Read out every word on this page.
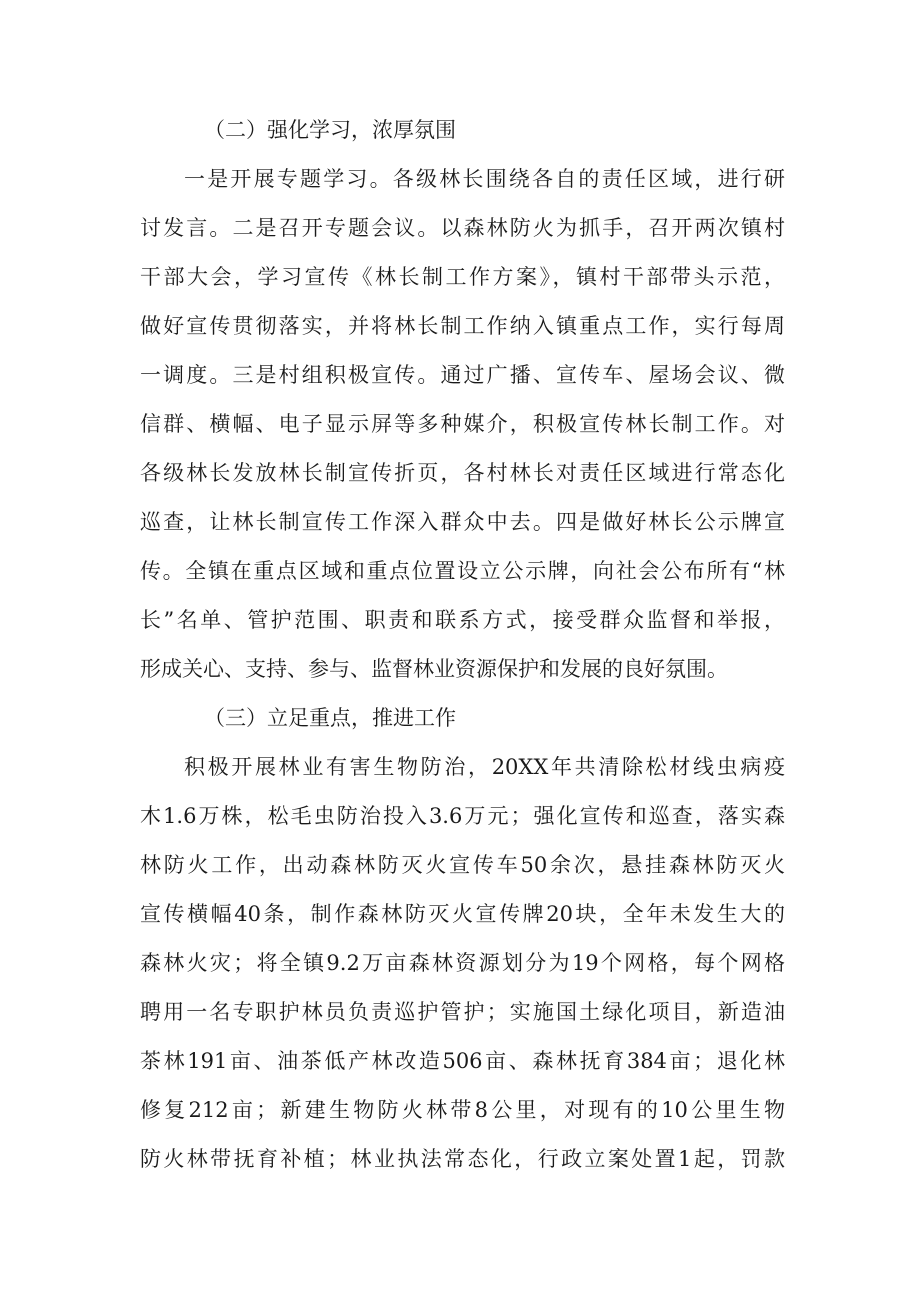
（二）强化学习，浓厚氛围
一是开展专题学习。各级林长围绕各自的责任区域，进行研
讨发言。二是召开专题会议。以森林防火为抓手，召开两次镇村
干部大会，学习宣传《林长制工作方案》，镇村干部带头示范，
做好宣传贯彻落实，并将林长制工作纳入镇重点工作，实行每周
一调度。三是村组积极宣传。通过广播、宣传车、屋场会议、微
信群、横幅、电子显示屏等多种媒介，积极宣传林长制工作。对
各级林长发放林长制宣传折页，各村林长对责任区域进行常态化
巡查，让林长制宣传工作深入群众中去。四是做好林长公示牌宣
传。全镇在重点区域和重点位置设立公示牌，向社会公布所有“林
长”名单、管护范围、职责和联系方式，接受群众监督和举报，
形成关心、支持、参与、监督林业资源保护和发展的良好氛围。
（三）立足重点，推进工作
积极开展林业有害生物防治，20XX年共清除松材线虫病疫
木1.6万株，松毛虫防治投入3.6万元；强化宣传和巡查，落实森
林防火工作，出动森林防灭火宣传车50余次，悬挂森林防灭火
宣传横幅40条，制作森林防灭火宣传牌20块，全年未发生大的
森林火灾；将全镇9.2万亩森林资源划分为19个网格，每个网格
聘用一名专职护林员负责巡护管护；实施国土绿化项目，新造油
茶林191亩、油茶低产林改造506亩、森林抚育384亩；退化林
修复212亩；新建生物防火林带8公里，对现有的10公里生物
防火林带抚育补植；林业执法常态化，行政立案处置1起，罚款
